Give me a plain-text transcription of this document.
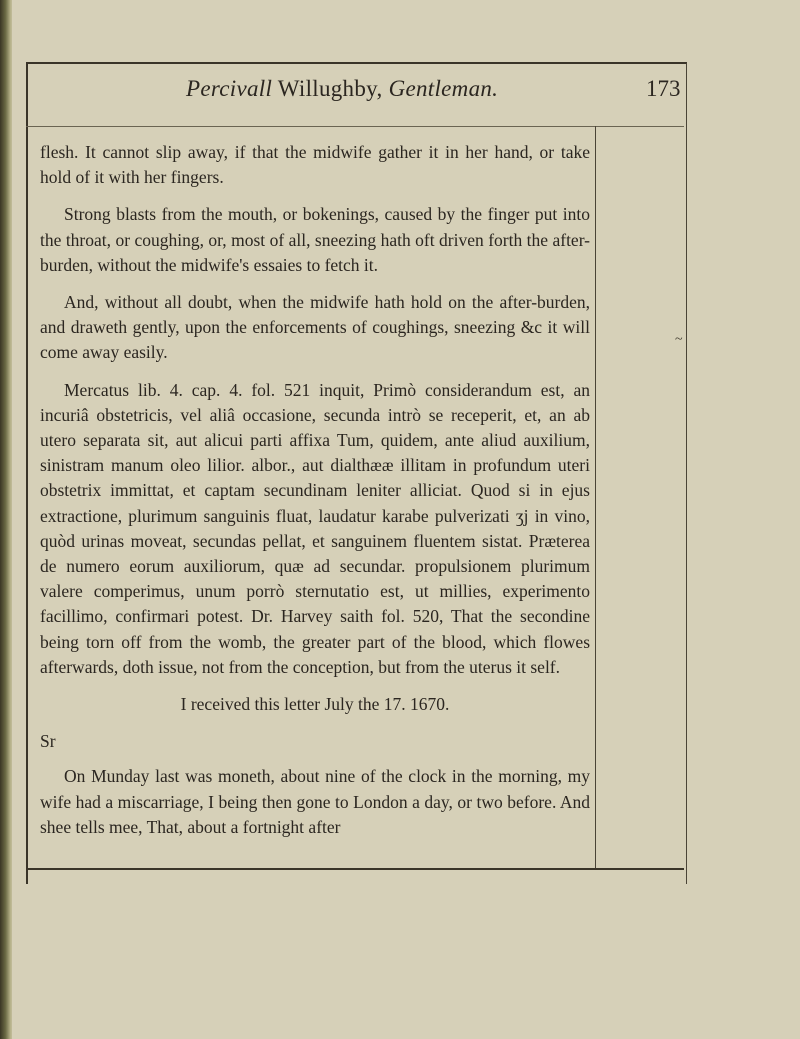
Percivall Willughby, Gentleman.	173
~

flesh. It cannot slip away, if that the midwife gather it in her hand, or take hold of it with her fingers.

Strong blasts from the mouth, or bokenings, caused by the finger put into the throat, or coughing, or, most of all, sneezing hath oft driven forth the after-burden, without the midwife's essaies to fetch it.

And, without all doubt, when the midwife hath hold on the after-burden, and draweth gently, upon the enforcements of coughings, sneezing &c it will come away easily.

Mercatus lib. 4. cap. 4. fol. 521 inquit, Primò considerandum est, an incuriâ obstetricis, vel aliâ occasione, secunda intrò se receperit, et, an ab utero separata sit, aut alicui parti affixa Tum, quidem, ante aliud auxilium, sinistram manum oleo lilior. albor., aut dialthææ illitam in profundum uteri obstetrix immittat, et captam secundinam leniter alliciat. Quod si in ejus extractione, plurimum sanguinis fluat, laudatur karabe pulverizati ʒj in vino, quòd urinas moveat, secundas pellat, et sanguinem fluentem sistat. Præterea de numero eorum auxiliorum, quæ ad secundar. propulsionem plurimum valere comperimus, unum porrò sternutatio est, ut millies, experimento facillimo, confirmari potest. Dr. Harvey saith fol. 520, That the secondine being torn off from the womb, the greater part of the blood, which flowes afterwards, doth issue, not from the conception, but from the uterus it self.

I received this letter July the 17. 1670.

Sr

On Munday last was moneth, about nine of the clock in the morning, my wife had a miscarriage, I being then gone to London a day, or two before. And shee tells mee, That, about a fortnight after
